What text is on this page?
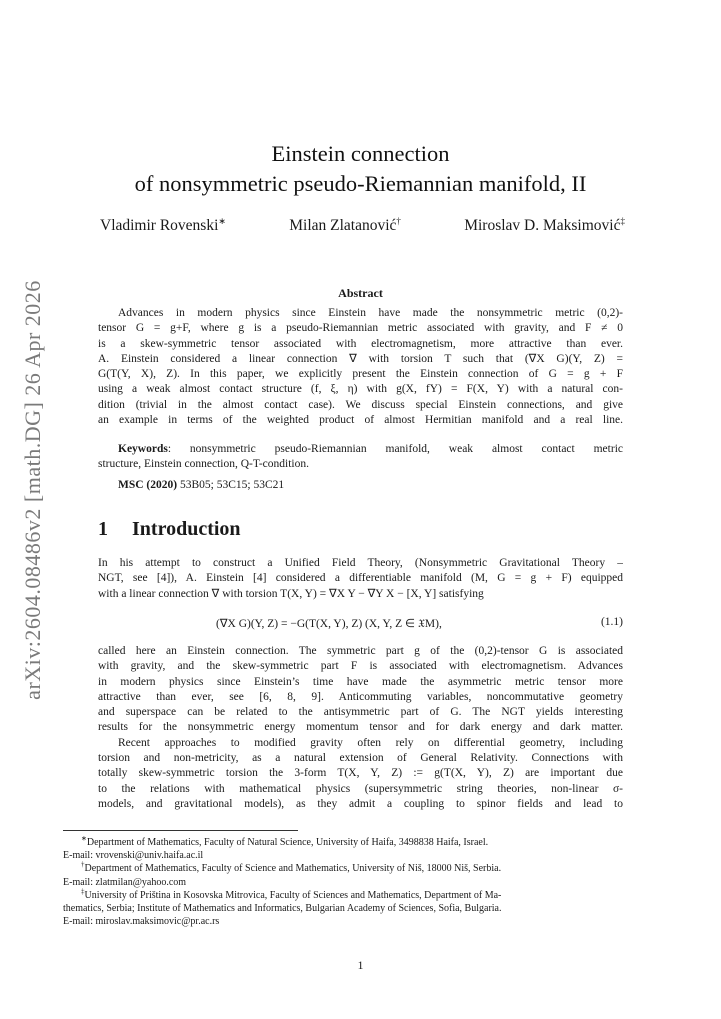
arXiv:2604.08486v2 [math.DG] 26 Apr 2026
Einstein connection
of nonsymmetric pseudo-Riemannian manifold, II
Vladimir Rovenski∗	Milan Zlatanović†	Miroslav D. Maksimović‡
Abstract
Advances in modern physics since Einstein have made the nonsymmetric metric (0,2)-
tensor G = g+F, where g is a pseudo-Riemannian metric associated with gravity, and F ≠ 0
is a skew-symmetric tensor associated with electromagnetism, more attractive than ever.
A. Einstein considered a linear connection ∇ with torsion T such that (∇X G)(Y, Z) =
G(T(Y, X), Z). In this paper, we explicitly present the Einstein connection of G = g + F
using a weak almost contact structure (f, ξ, η) with g(X, fY) = F(X, Y) with a natural con-
dition (trivial in the almost contact case). We discuss special Einstein connections, and give
an example in terms of the weighted product of almost Hermitian manifold and a real line.
Keywords: nonsymmetric pseudo-Riemannian manifold, weak almost contact metric
structure, Einstein connection, Q-T-condition.
MSC (2020) 53B05; 53C15; 53C21
1 Introduction
In his attempt to construct a Unified Field Theory, (Nonsymmetric Gravitational Theory –
NGT, see [4]), A. Einstein [4] considered a differentiable manifold (M, G = g + F) equipped
with a linear connection ∇ with torsion T(X, Y) = ∇X Y − ∇Y X − [X, Y] satisfying
(∇X G)(Y, Z) = −G(T(X, Y), Z) (X, Y, Z ∈ 𝔛M),	(1.1)
called here an Einstein connection. The symmetric part g of the (0,2)-tensor G is associated
with gravity, and the skew-symmetric part F is associated with electromagnetism. Advances
in modern physics since Einstein’s time have made the asymmetric metric tensor more
attractive than ever, see [6, 8, 9]. Anticommuting variables, noncommutative geometry
and superspace can be related to the antisymmetric part of G. The NGT yields interesting
results for the nonsymmetric energy momentum tensor and for dark energy and dark matter.
Recent approaches to modified gravity often rely on differential geometry, including
torsion and non-metricity, as a natural extension of General Relativity. Connections with
totally skew-symmetric torsion the 3-form T(X, Y, Z) := g(T(X, Y), Z) are important due
to the relations with mathematical physics (supersymmetric string theories, non-linear σ-
models, and gravitational models), as they admit a coupling to spinor fields and lead to
∗Department of Mathematics, Faculty of Natural Science, University of Haifa, 3498838 Haifa, Israel.
E-mail: vrovenski@univ.haifa.ac.il
†Department of Mathematics, Faculty of Science and Mathematics, University of Niš, 18000 Niš, Serbia.
E-mail: zlatmilan@yahoo.com
‡University of Priština in Kosovska Mitrovica, Faculty of Sciences and Mathematics, Department of Ma-
thematics, Serbia; Institute of Mathematics and Informatics, Bulgarian Academy of Sciences, Sofia, Bulgaria.
E-mail: miroslav.maksimovic@pr.ac.rs
1
